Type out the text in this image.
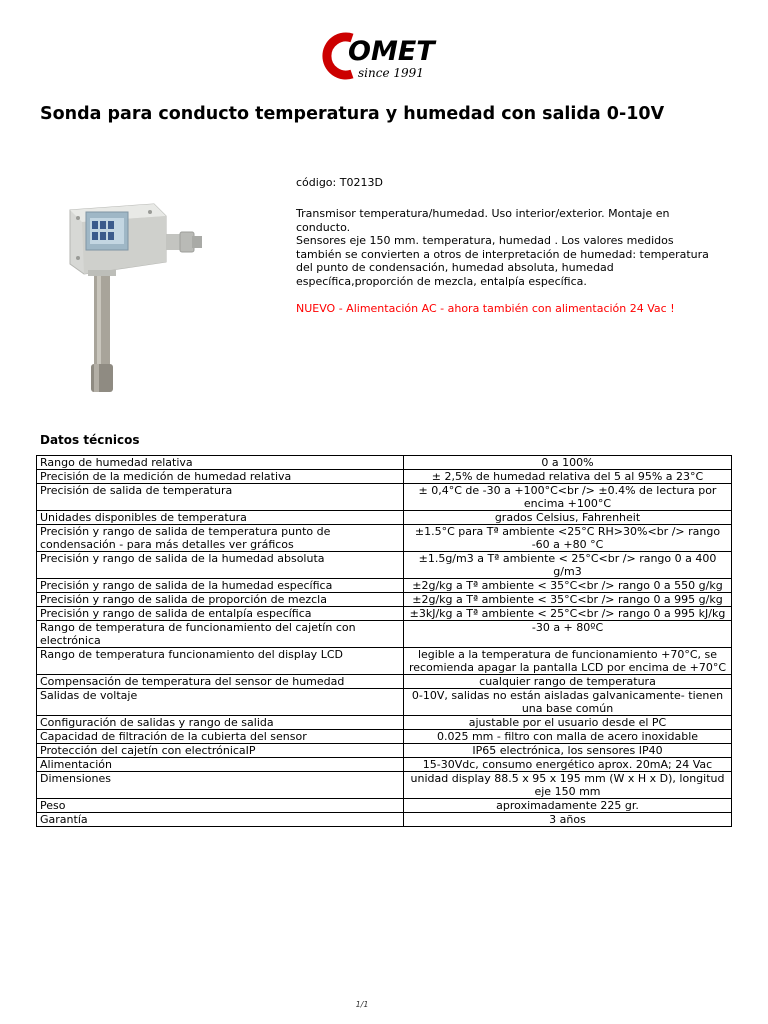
OMET
since 1991
Sonda para conducto temperatura y humedad con salida 0-10V
código: T0213D

Transmisor temperatura/humedad. Uso interior/exterior. Montaje en conducto.

Sensores eje 150 mm. temperatura, humedad . Los valores medidos también se convierten a otros de interpretación de humedad: temperatura del punto de condensación, humedad absoluta, humedad específica,proporción de mezcla, entalpía específica.

NUEVO - Alimentación AC - ahora también con alimentación 24 Vac !
Datos técnicos
Rango de humedad relativa	0 a 100%
Precisión de la medición de humedad relativa	± 2,5% de humedad relativa del 5 al 95% a 23°C
Precisión de salida de temperatura	± 0,4°C de -30 a +100°C<br /> ±0.4% de lectura por encima +100°C
Unidades disponibles de temperatura	grados Celsius, Fahrenheit
Precisión y rango de salida de temperatura punto de condensación - para más detalles ver gráficos	±1.5°C para Tª ambiente <25°C RH>30%<br /> rango -60 a +80 °C
Precisión y rango de salida de la humedad absoluta	±1.5g/m3 a Tª ambiente < 25°C<br /> rango 0 a 400 g/m3
Precisión y rango de salida de la humedad específica	±2g/kg a Tª ambiente < 35°C<br /> rango 0 a 550 g/kg
Precisión y rango de salida de proporción de mezcla	±2g/kg a Tª ambiente < 35°C<br /> rango 0 a 995 g/kg
Precisión y rango de salida de entalpía específica	±3kJ/kg a Tª ambiente < 25°C<br /> rango 0 a 995 kJ/kg
Rango de temperatura de funcionamiento del cajetín con electrónica	-30 a + 80ºC
Rango de temperatura funcionamiento del display LCD	legible a la temperatura de funcionamiento +70°C, se recomienda apagar la pantalla LCD por encima de +70°C
Compensación de temperatura del sensor de humedad	cualquier rango de temperatura
Salidas de voltaje	0-10V, salidas no están aisladas galvanicamente- tienen una base común
Configuración de salidas y rango de salida	ajustable por el usuario desde el PC
Capacidad de filtración de la cubierta del sensor	0.025 mm - filtro con malla de acero inoxidable
Protección del cajetín con electrónicaIP	IP65 electrónica, los sensores IP40
Alimentación	15-30Vdc, consumo energético aprox. 20mA; 24 Vac
Dimensiones	unidad display 88.5 x 95 x 195 mm (W x H x D), longitud eje 150 mm
Peso	aproximadamente 225 gr.
Garantía	3 años
1/1
